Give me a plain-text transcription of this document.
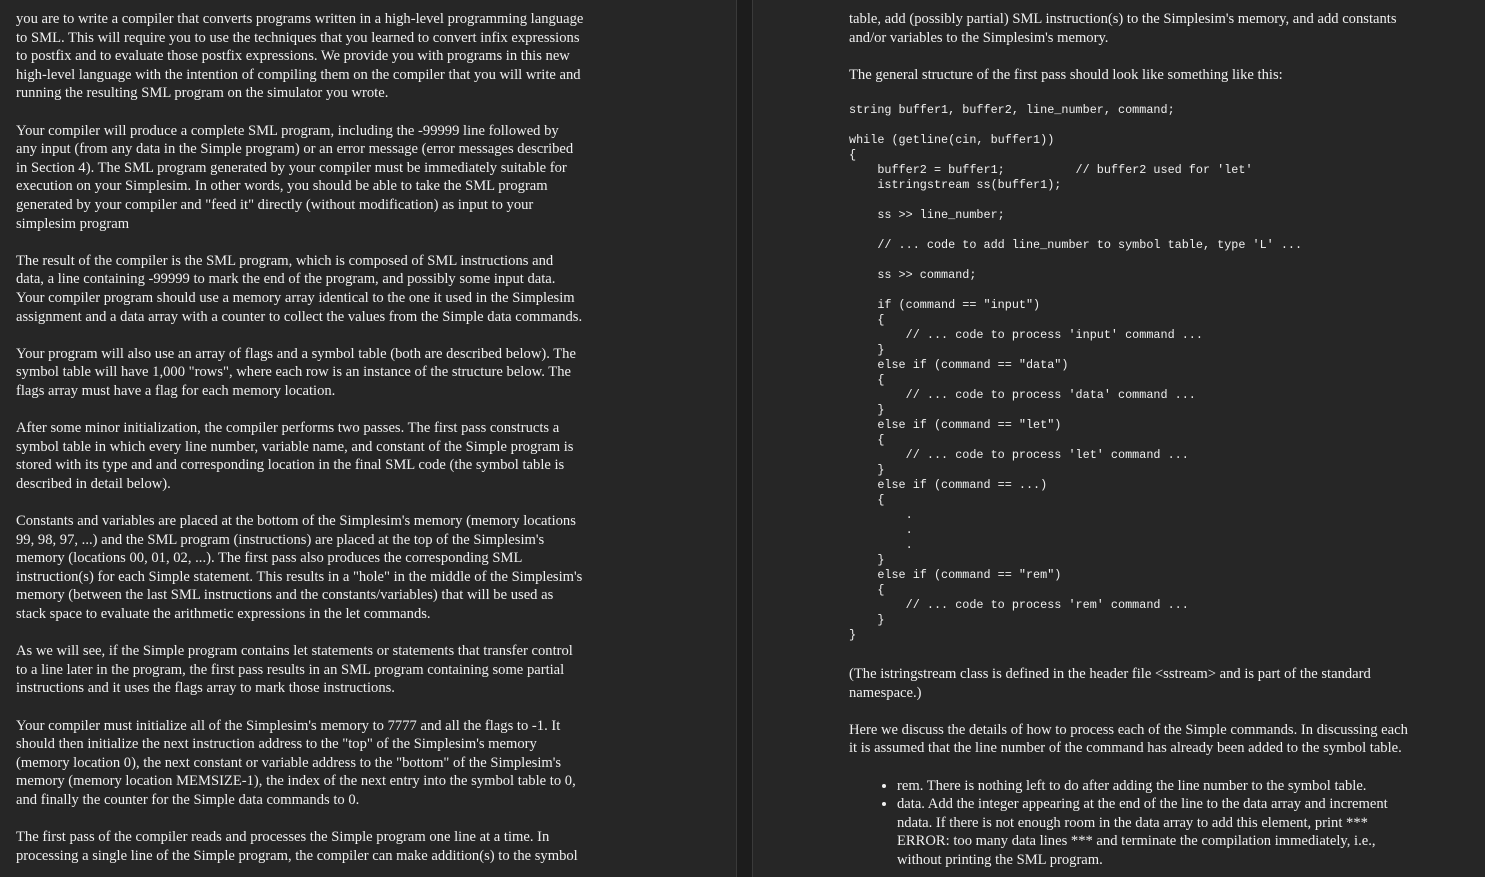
you are to write a compiler that converts programs written in a high-level programming language
to SML. This will require you to use the techniques that you learned to convert infix expressions
to postfix and to evaluate those postfix expressions. We provide you with programs in this new
high-level language with the intention of compiling them on the compiler that you will write and
running the resulting SML program on the simulator you wrote.

Your compiler will produce a complete SML program, including the -99999 line followed by
any input (from any data in the Simple program) or an error message (error messages described
in Section 4). The SML program generated by your compiler must be immediately suitable for
execution on your Simplesim. In other words, you should be able to take the SML program
generated by your compiler and "feed it" directly (without modification) as input to your
simplesim program

The result of the compiler is the SML program, which is composed of SML instructions and
data, a line containing -99999 to mark the end of the program, and possibly some input data.
Your compiler program should use a memory array identical to the one it used in the Simplesim
assignment and a data array with a counter to collect the values from the Simple data commands.

Your program will also use an array of flags and a symbol table (both are described below). The
symbol table will have 1,000 "rows", where each row is an instance of the structure below. The
flags array must have a flag for each memory location.

After some minor initialization, the compiler performs two passes. The first pass constructs a
symbol table in which every line number, variable name, and constant of the Simple program is
stored with its type and and corresponding location in the final SML code (the symbol table is
described in detail below).

Constants and variables are placed at the bottom of the Simplesim's memory (memory locations
99, 98, 97, ...) and the SML program (instructions) are placed at the top of the Simplesim's
memory (locations 00, 01, 02, ...). The first pass also produces the corresponding SML
instruction(s) for each Simple statement. This results in a "hole" in the middle of the Simplesim's
memory (between the last SML instructions and the constants/variables) that will be used as
stack space to evaluate the arithmetic expressions in the let commands.

As we will see, if the Simple program contains let statements or statements that transfer control
to a line later in the program, the first pass results in an SML program containing some partial
instructions and it uses the flags array to mark those instructions.

Your compiler must initialize all of the Simplesim's memory to 7777 and all the flags to -1. It
should then initialize the next instruction address to the "top" of the Simplesim's memory
(memory location 0), the next constant or variable address to the "bottom" of the Simplesim's
memory (memory location MEMSIZE-1), the index of the next entry into the symbol table to 0,
and finally the counter for the Simple data commands to 0.

The first pass of the compiler reads and processes the Simple program one line at a time. In
processing a single line of the Simple program, the compiler can make addition(s) to the symbol

table, add (possibly partial) SML instruction(s) to the Simplesim's memory, and add constants
and/or variables to the Simplesim's memory.

The general structure of the first pass should look like something like this:

string buffer1, buffer2, line_number, command;

while (getline(cin, buffer1))
{
buffer2 = buffer1;          // buffer2 used for 'let'
istringstream ss(buffer1);

ss >> line_number;

// ... code to add line_number to symbol table, type 'L' ...

ss >> command;

if (command == "input")
{
// ... code to process 'input' command ...
}
else if (command == "data")
{
// ... code to process 'data' command ...
}
else if (command == "let")
{
// ... code to process 'let' command ...
}
else if (command == ...)
{
.
.
.
}
else if (command == "rem")
{
// ... code to process 'rem' command ...
}
}

(The istringstream class is defined in the header file <sstream> and is part of the standard
namespace.)

Here we discuss the details of how to process each of the Simple commands. In discussing each
it is assumed that the line number of the command has already been added to the symbol table.

• rem. There is nothing left to do after adding the line number to the symbol table.
• data. Add the integer appearing at the end of the line to the data array and increment
ndata. If there is not enough room in the data array to add this element, print ***
ERROR: too many data lines *** and terminate the compilation immediately, i.e.,
without printing the SML program.
